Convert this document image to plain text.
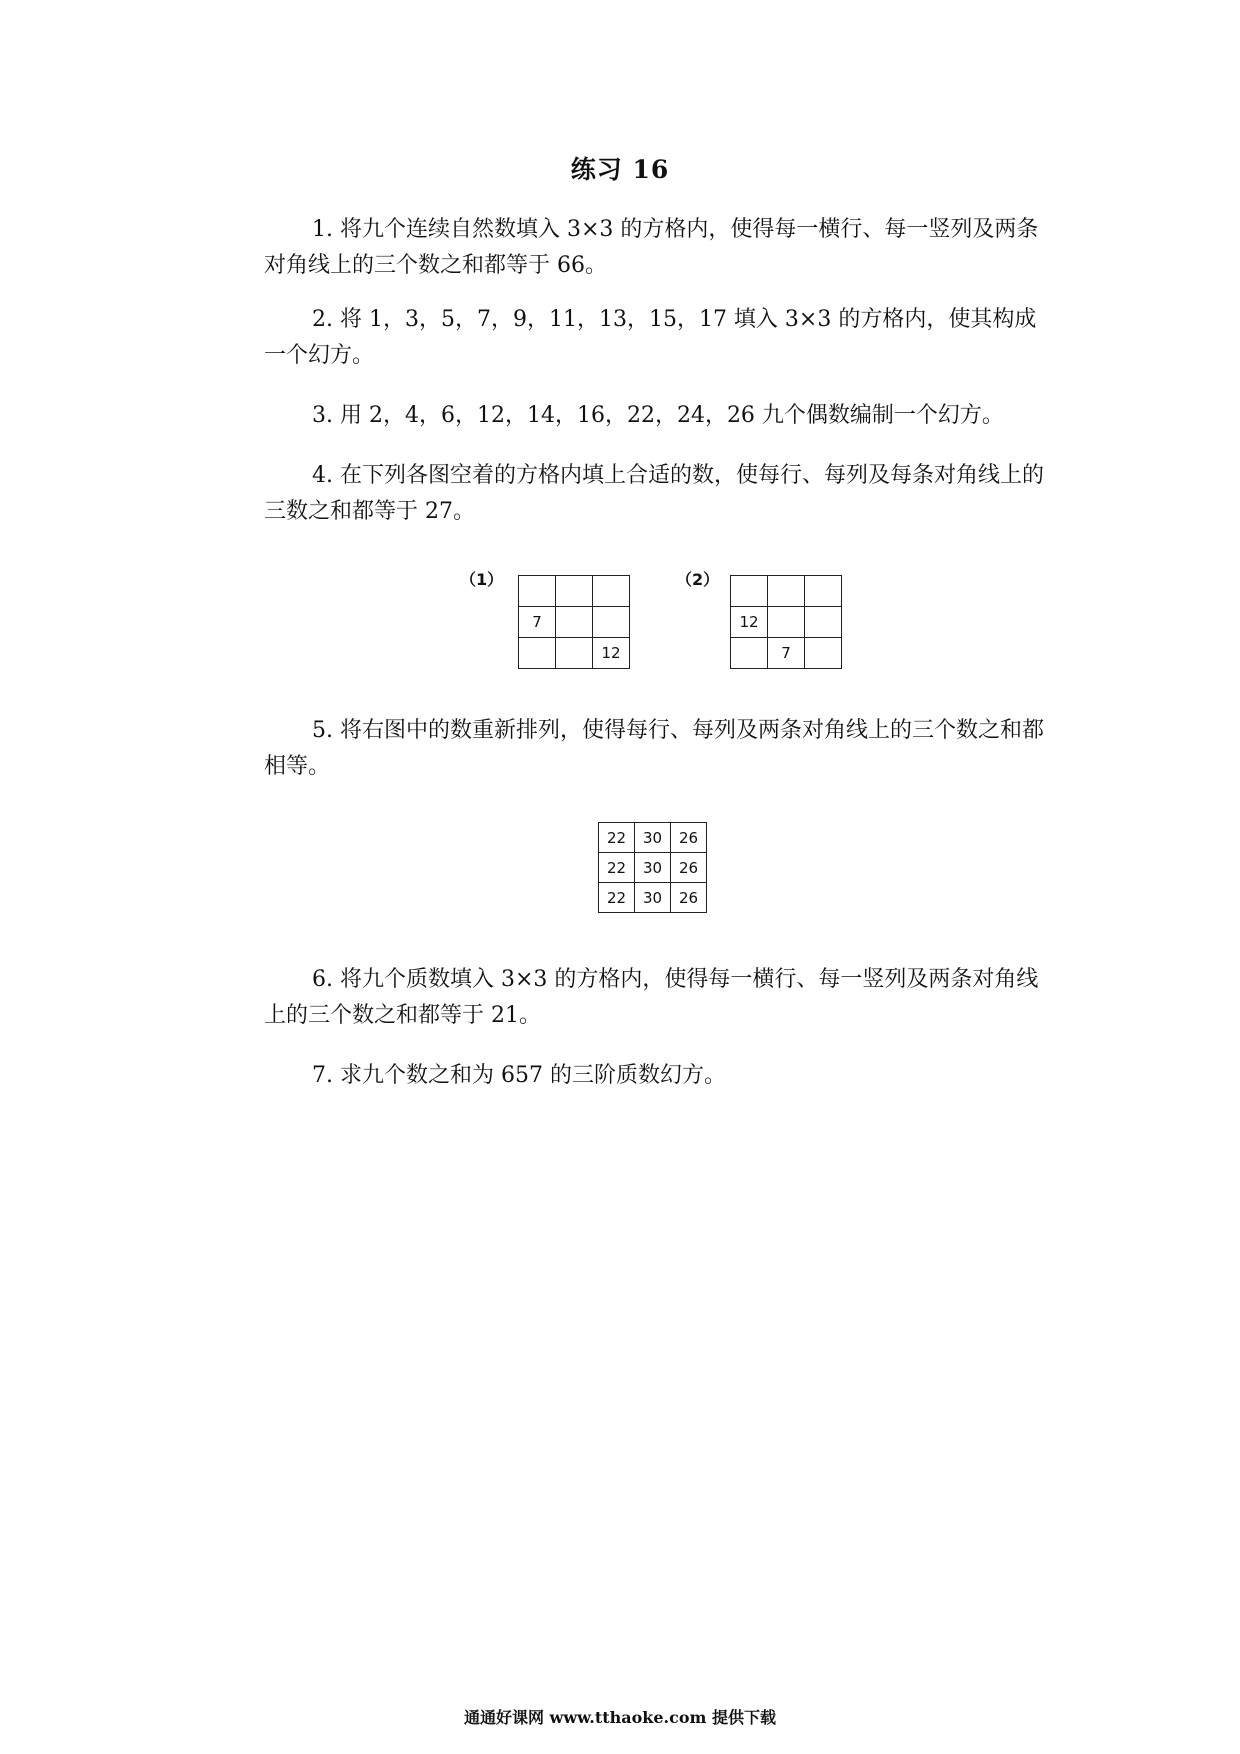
练习 16
1. 将九个连续自然数填入 3×3 的方格内，使得每一横行、每一竖列及两条对角线上的三个数之和都等于 66。
2. 将 1，3，5，7，9，11，13，15，17 填入 3×3 的方格内，使其构成一个幻方。
3. 用 2，4，6，12，14，16，22，24，26 九个偶数编制一个幻方。
4. 在下列各图空着的方格内填上合适的数，使每行、每列及每条对角线上的三数之和都等于 27。
（1）

7		
		12
（2）

12		
	7	
5. 将右图中的数重新排列，使得每行、每列及两条对角线上的三个数之和都相等。
22	30	26
22	30	26
22	30	26
6. 将九个质数填入 3×3 的方格内，使得每一横行、每一竖列及两条对角线上的三个数之和都等于 21。
7. 求九个数之和为 657 的三阶质数幻方。
通通好课网 www.tthaoke.com 提供下载
